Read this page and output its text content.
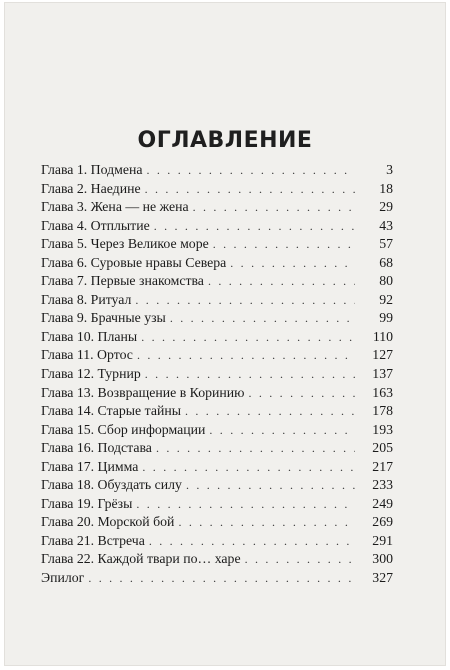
ОГЛАВЛЕНИЕ
Глава 1. Подмена . . .	3
Глава 2. Наедине . . .	18
Глава 3. Жена — не жена . . .	29
Глава 4. Отплытие . . .	43
Глава 5. Через Великое море . . .	57
Глава 6. Суровые нравы Севера . . .	68
Глава 7. Первые знакомства . . .	80
Глава 8. Ритуал . . .	92
Глава 9. Брачные узы . . .	99
Глава 10. Планы . . .	110
Глава 11. Ортос . . .	127
Глава 12. Турнир . . .	137
Глава 13. Возвращение в Коринию . . .	163
Глава 14. Старые тайны . . .	178
Глава 15. Сбор информации . . .	193
Глава 16. Подстава . . .	205
Глава 17. Цимма . . .	217
Глава 18. Обуздать силу . . .	233
Глава 19. Грёзы . . .	249
Глава 20. Морской бой . . .	269
Глава 21. Встреча . . .	291
Глава 22. Каждой твари по… харе . . .	300
Эпилог . . .	327
